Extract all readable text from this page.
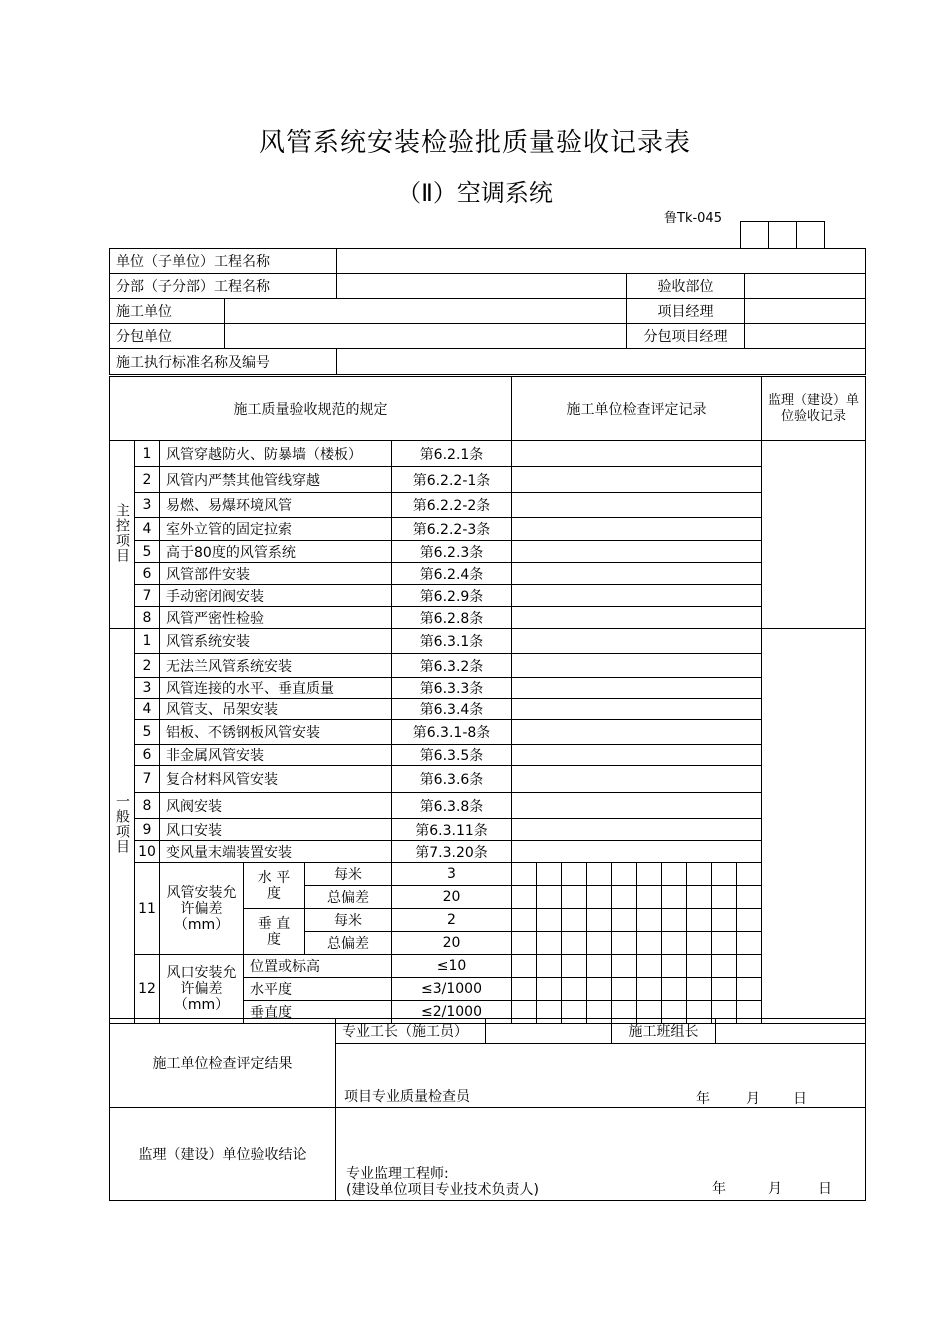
风管系统安装检验批质量验收记录表
（Ⅱ）空调系统
鲁Tk-045

单位（子单位）工程名称				
分部（子分部）工程名称			验收部位	
施工单位			项目经理	
分包单位			分包项目经理	
施工执行标准名称及编号				
施工质量验收规范的规定						施工单位检查评定记录										监理（建设）单位验收记录
主控项目	1	风管穿越防火、防暴墙（楼板）			第6.2.1条											
	2	风管内严禁其他管线穿越			第6.2.2-1条											
	3	易燃、易爆环境风管			第6.2.2-2条											
	4	室外立管的固定拉索			第6.2.2-3条											
	5	高于80度的风管系统			第6.2.3条											
	6	风管部件安装			第6.2.4条											
	7	手动密闭阀安装			第6.2.9条											
	8	风管严密性检验			第6.2.8条											
一般项目	1	风管系统安装			第6.3.1条											
	2	无法兰风管系统安装			第6.3.2条											
	3	风管连接的水平、垂直质量			第6.3.3条											
	4	风管支、吊架安装			第6.3.4条											
	5	铝板、不锈钢板风管安装			第6.3.1-8条											
	6	非金属风管安装			第6.3.5条											
	7	复合材料风管安装			第6.3.6条											
	8	风阀安装			第6.3.8条											
	9	风口安装			第6.3.11条											
	10	变风量末端装置安装			第7.3.20条											
	11	风管安装允许偏差（mm）	水 平 度	每米	3											
				总偏差	20											
			垂 直 度	每米	2											
				总偏差	20											
	12	风口安装允许偏差（mm）	位置或标高		≤10											
			水平度		≤3/1000											
			垂直度		≤2/1000											
施工单位检查评定结果	专业工长（施工员）		施工班组长	

	项目专业质量检查员 年 月 日			

监理（建设）单位验收结论	专业监理工程师:
(建设单位项目专业技术负责人) 年 月 日			
